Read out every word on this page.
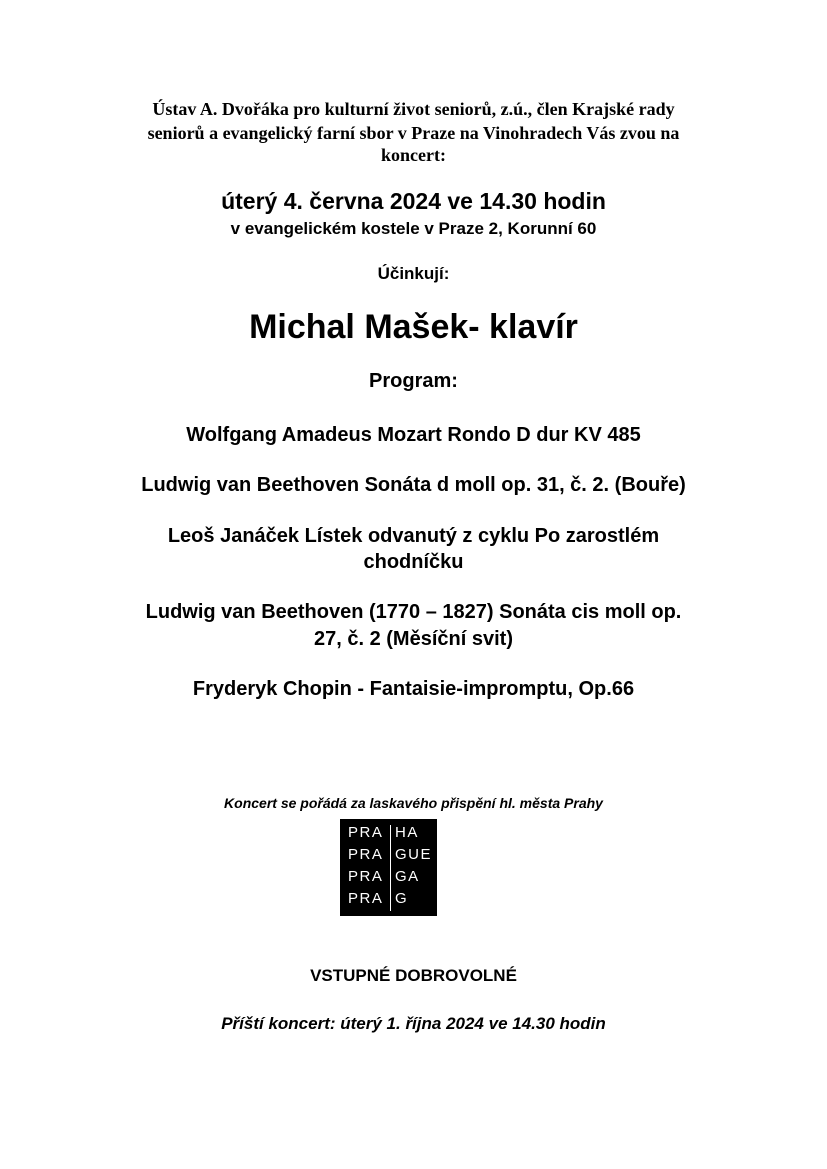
Ústav A. Dvořáka pro kulturní život seniorů, z.ú., člen Krajské rady

seniorů a evangelický farní sbor v Praze na Vinohradech Vás zvou na

koncert:

úterý 4. června 2024 ve 14.30 hodin

v evangelickém kostele v Praze 2, Korunní 60

Účinkují:

Michal Mašek- klavír

Program:

Wolfgang Amadeus Mozart Rondo D dur KV 485

Ludwig van Beethoven Sonáta d moll op. 31, č. 2. (Bouře)

Leoš Janáček Lístek odvanutý z cyklu Po zarostlém

chodníčku

Ludwig van Beethoven (1770 – 1827) Sonáta cis moll op.

27, č. 2 (Měsíční svit)

Fryderyk Chopin - Fantaisie-impromptu, Op.66

Koncert se pořádá za laskavého přispění hl. města Prahy

PRA HA
PRA GUE
PRA GA
PRA G

VSTUPNÉ DOBROVOLNÉ

Příští koncert: úterý 1. října 2024 ve 14.30 hodin
